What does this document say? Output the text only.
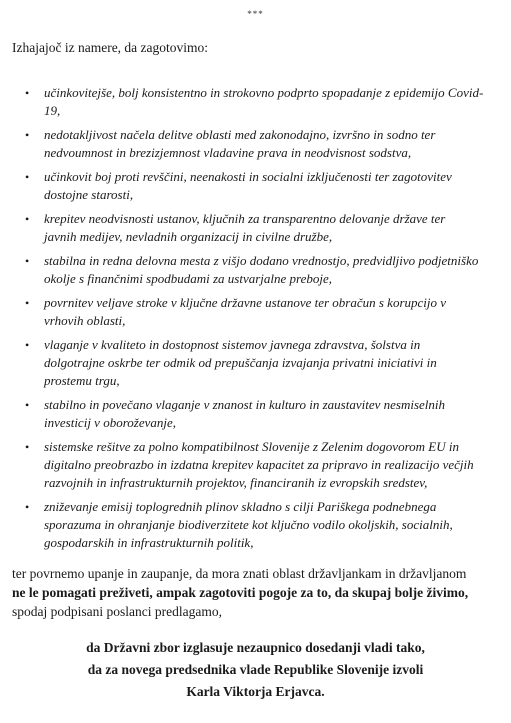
***

Izhajajoč iz namere, da zagotovimo:

• učinkovitejše, bolj konsistentno in strokovno podprto spopadanje z epidemijo Covid-
19,
• nedotakljivost načela delitve oblasti med zakonodajno, izvršno in sodno ter
nedvoumnost in brezizjemnost vladavine prava in neodvisnost sodstva,
• učinkovit boj proti revščini, neenakosti in socialni izključenosti ter zagotovitev
dostojne starosti,
• krepitev neodvisnosti ustanov, ključnih za transparentno delovanje države ter
javnih medijev, nevladnih organizacij in civilne družbe,
• stabilna in redna delovna mesta z višjo dodano vrednostjo, predvidljivo podjetniško
okolje s finančnimi spodbudami za ustvarjalne preboje,
• povrnitev veljave stroke v ključne državne ustanove ter obračun s korupcijo v
vrhovih oblasti,
• vlaganje v kvaliteto in dostopnost sistemov javnega zdravstva, šolstva in
dolgotrajne oskrbe ter odmik od prepuščanja izvajanja privatni iniciativi in
prostemu trgu,
• stabilno in povečano vlaganje v znanost in kulturo in zaustavitev nesmiselnih
investicij v oboroževanje,
• sistemske rešitve za polno kompatibilnost Slovenije z Zelenim dogovorom EU in
digitalno preobrazbo in izdatna krepitev kapacitet za pripravo in realizacijo večjih
razvojnih in infrastrukturnih projektov, financiranih iz evropskih sredstev,
• zniževanje emisij toplogrednih plinov skladno s cilji Pariškega podnebnega
sporazuma in ohranjanje biodiverzitete kot ključno vodilo okoljskih, socialnih,
gospodarskih in infrastrukturnih politik,

ter povrnemo upanje in zaupanje, da mora znati oblast državljankam in državljanom
ne le pomagati preživeti, ampak zagotoviti pogoje za to, da skupaj bolje živimo,
spodaj podpisani poslanci predlagamo,

da Državni zbor izglasuje nezaupnico dosedanji vladi tako,
da za novega predsednika vlade Republike Slovenije izvoli
Karla Viktorja Erjavca.
